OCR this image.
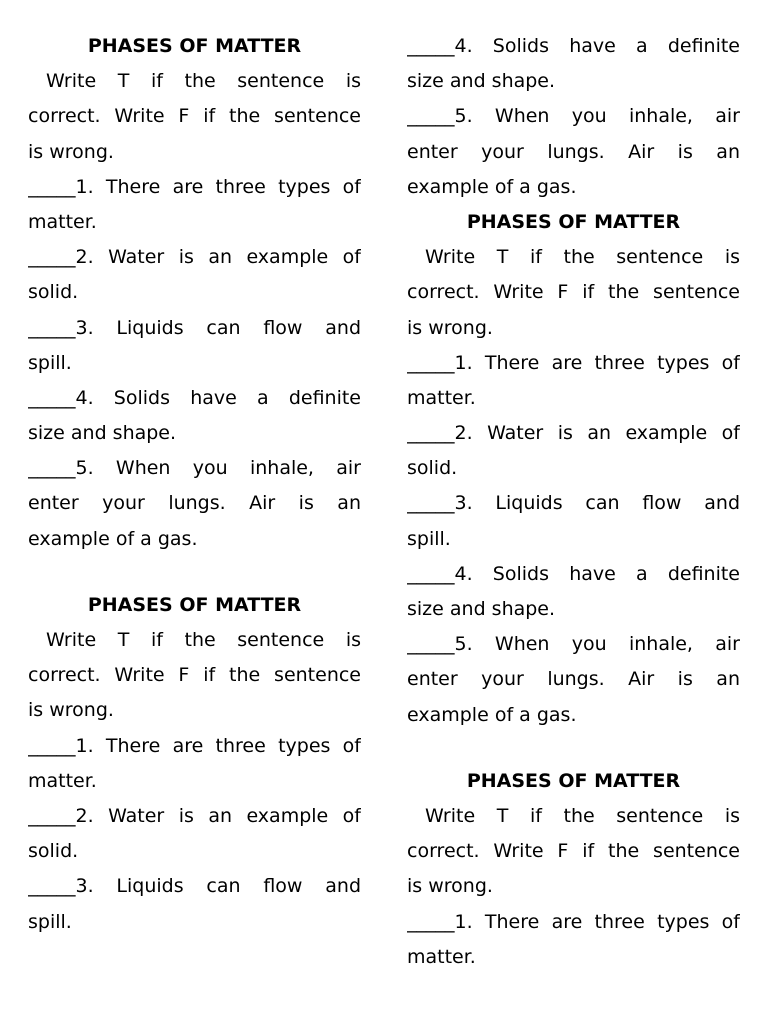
PHASES OF MATTER
Write T if the sentence is
correct. Write F if the sentence
is wrong.
_____1. There are three types of
matter.
_____2. Water is an example of
solid.
_____3. Liquids can flow and
spill.
_____4. Solids have a definite
size and shape.
_____5. When you inhale, air
enter your lungs. Air is an
example of a gas.
PHASES OF MATTER
Write T if the sentence is
correct. Write F if the sentence
is wrong.
_____1. There are three types of
matter.
_____2. Water is an example of
solid.
_____3. Liquids can flow and
spill.
_____4. Solids have a definite
size and shape.
_____5. When you inhale, air
enter your lungs. Air is an
example of a gas.
PHASES OF MATTER
Write T if the sentence is
correct. Write F if the sentence
is wrong.
_____1. There are three types of
matter.
_____2. Water is an example of
solid.
_____3. Liquids can flow and
spill.
_____4. Solids have a definite
size and shape.
_____5. When you inhale, air
enter your lungs. Air is an
example of a gas.
PHASES OF MATTER
Write T if the sentence is
correct. Write F if the sentence
is wrong.
_____1. There are three types of
matter.
